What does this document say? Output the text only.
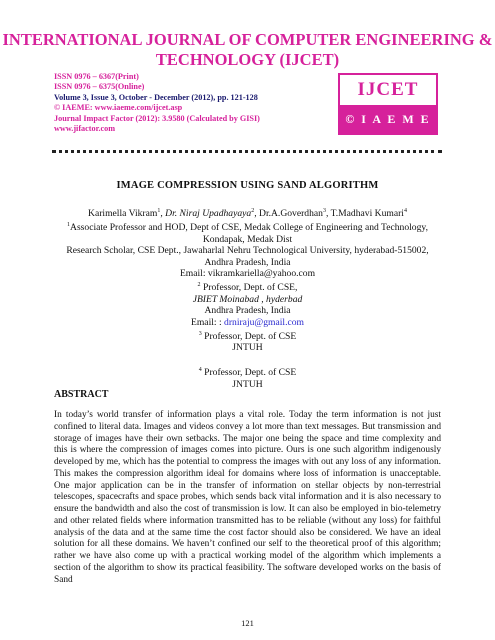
INTERNATIONAL JOURNAL OF COMPUTER ENGINEERING &
TECHNOLOGY (IJCET)
ISSN 0976 – 6367(Print)
ISSN 0976 – 6375(Online)
Volume 3, Issue 3, October - December (2012), pp. 121-128
© IAEME: www.iaeme.com/ijcet.asp
Journal Impact Factor (2012): 3.9580 (Calculated by GISI)
www.jifactor.com
IJCET
© I A E M E
IMAGE COMPRESSION USING SAND ALGORITHM
Karimella Vikram$^1$, Dr. Niraj Upadhayaya$^2$, Dr.A.Goverdhan$^3$, T.Madhavi Kumari$^4$
$^1$Associate Professor and HOD, Dept of CSE, Medak College of Engineering and Technology,
Kondapak, Medak Dist
Research Scholar, CSE Dept., Jawaharlal Nehru Technological University, hyderabad-515002,
Andhra Pradesh, India
Email: vikramkariella@yahoo.com
$^2$ Professor, Dept. of CSE,
JBIET Moinabad , hyderbad
Andhra Pradesh, India
Email: : drniraju@gmail.com
$^3$ Professor, Dept. of CSE
JNTUH
$^4$ Professor, Dept. of CSE
JNTUH
ABSTRACT
In today’s world transfer of information plays a vital role. Today the term information is not just confined to literal data. Images and videos convey a lot more than text messages. But transmission and storage of images have their own setbacks. The major one being the space and time complexity and this is where the compression of images comes into picture. Ours is one such algorithm indigenously developed by me, which has the potential to compress the images with out any loss of any information. This makes the compression algorithm ideal for domains where loss of information is unacceptable. One major application can be in the transfer of information on stellar objects by non-terrestrial telescopes, spacecrafts and space probes, which sends back vital information and it is also necessary to ensure the bandwidth and also the cost of transmission is low. It can also be employed in bio-telemetry and other related fields where information transmitted has to be reliable (without any loss) for faithful analysis of the data and at the same time the cost factor should also be considered. We have an ideal solution for all these domains. We haven’t confined our self to the theoretical proof of this algorithm; rather we have also come up with a practical working model of the algorithm which implements a section of the algorithm to show its practical feasibility. The software developed works on the basis of Sand
121
